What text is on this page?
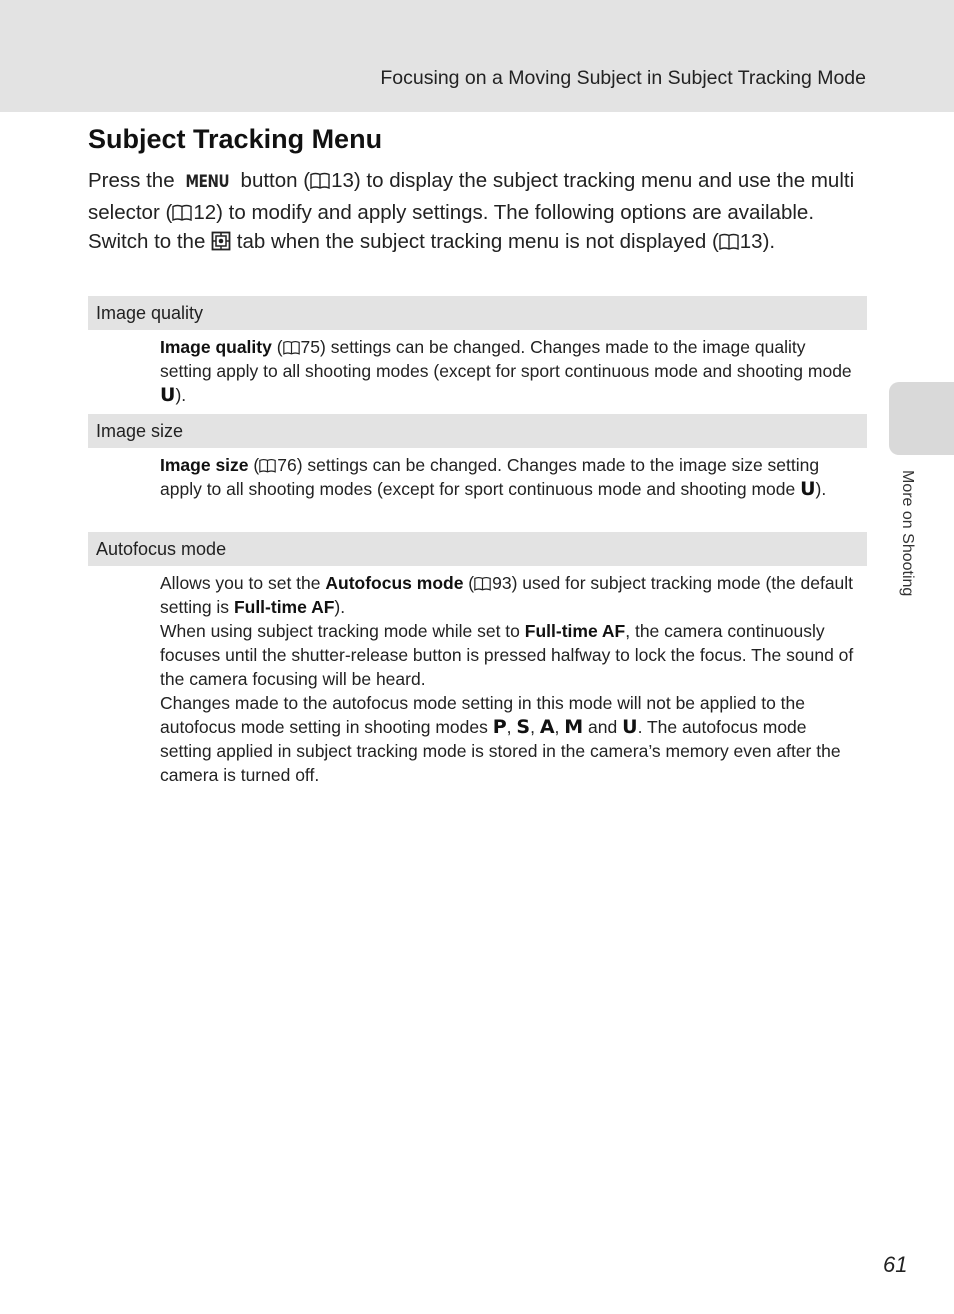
Focusing on a Moving Subject in Subject Tracking Mode
More on Shooting
Subject Tracking Menu

Press the MENU button ( 13) to display the subject tracking menu and use the multi selector ( 12) to modify and apply settings. The following options are available.

Switch to the
tab when the subject tracking menu is not displayed ( 13).

Image quality

Image quality ( 75) settings can be changed. Changes made to the image quality setting apply to all shooting modes (except for sport continuous mode and shooting mode U).

Image size

Image size ( 76) settings can be changed. Changes made to the image size setting apply to all shooting modes (except for sport continuous mode and shooting mode U).

Autofocus mode

Allows you to set the Autofocus mode ( 93) used for subject tracking mode (the default setting is Full-time AF).

When using subject tracking mode while set to Full-time AF, the camera continuously focuses until the shutter-release button is pressed halfway to lock the focus. The sound of the camera focusing will be heard.

Changes made to the autofocus mode setting in this mode will not be applied to the autofocus mode setting in shooting modes P, S, A, M and U. The autofocus mode setting applied in subject tracking mode is stored in the camera’s memory even after the camera is turned off.

61
